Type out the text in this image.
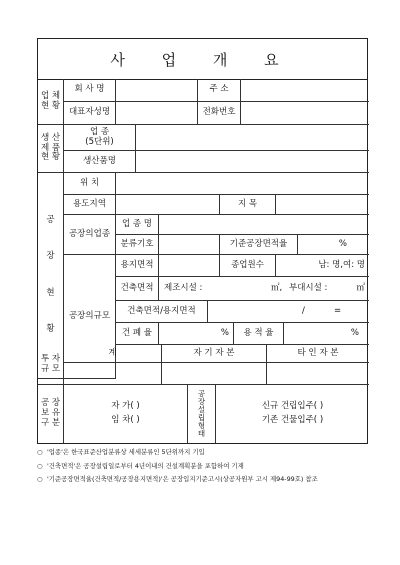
사 업 개 요
업 체
현 황
회 사 명	주 소
대표자성명	전화번호
생 산
제 품
현 황
업 종
(5단위)
생산품명
공
장
현
황
위 치
용도지역	지 목
공장의업종
업 종 명
분류기호	기준공장면적율	%
공장의규모
용지면적	종업원수	남: 명,여: 명
건축면적	제조시설 :	㎡, 부대시설 :	㎡
건축면적/용지면적	/	=
건 폐 율	%	용 적 율	%
투 자
규 모
계	자 기 자 본	타 인 자 본
공 장
보 유
구 분
자 가( )
임 차( )
공
장
설
립
형
태
신규 건립입주( )
기존 건물입주( )
○ '업종'은 한국표준산업분류상 세세분류인 5단위까지 기입
○ '건축면적'은 공장설립일로부터 4년이내의 건설계획분을 포함하여 기재
○ '기준공장면적율(건축면적/공장용지면적)'은 공장입지기준고시(상공자원부 고시 제94-99호) 참조
